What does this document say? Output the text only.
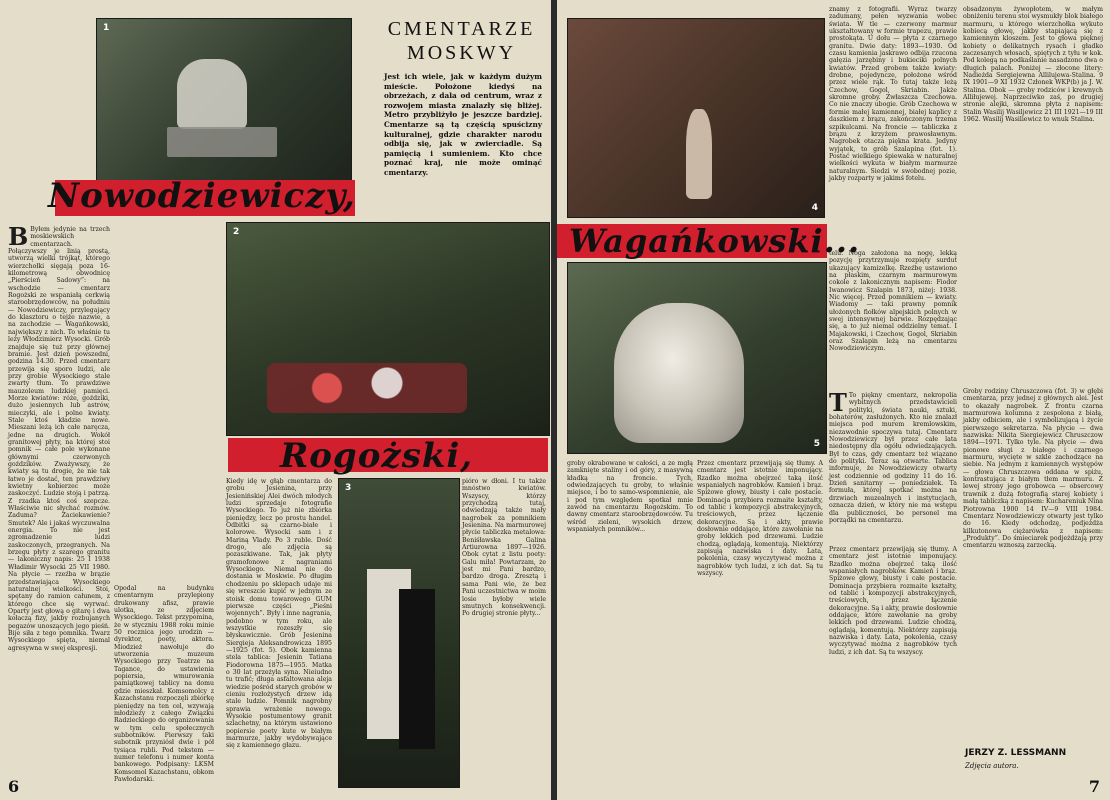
1	CMENTARZE
MOSKWY
Jest ich wiele, jak w każdym dużym mieście. Położone kiedyś na obrzeżach, z dala od centrum, wraz z rozwojem miasta znalazły się bliżej. Metro przybliżyło je jeszcze bardziej. Cmentarze są tą częścią spuścizny kulturalnej, gdzie charakter narodu odbija się, jak w zwierciadle. Są pamięcią i sumieniem. Kto chce poznać kraj, nie może ominąć cmentarzy.
Nowodziewiczy,
B Byłem jedynie na trzech moskiewskich cmentarzach. Połączywszy je linią prostą, utworzą wielki trójkąt, którego wierzchołki sięgają poza 16-kilometrową obwodnicę „Pierścień Sadowy”: na wschodzie — cmentarz Rogożski ze wspaniałą cerkwią staroobrzędowców, na południu — Nowodziewiczy, przylegający do klasztoru o tejże nazwie, a na zachodzie — Wagańkowski, największy z nich. To właśnie tu leży Włodzimierz Wysocki. Grób znajduje się tuż przy głównej bramie. Jest dzień powszedni, godzina 14.30. Przed cmentarz przewija się sporo ludzi, ale przy grobie Wysockiego stale zwarty tłum. To prawdziwe mauzoleum ludzkiej pamięci. Morze kwiatów: róże, goździki, dużo jesiennych lub astrów, mieczyki, ale i polne kwiaty. Stale ktoś kładzie nowe. Mieszani leżą ich całe naręcza, jedne na drugich. Wokół granitowej płyty, na której stoi pomnik — całe pole wykonane głównymi czerwonych goździków. Zważywszy, że kwiaty są tu drogie, że nie tak łatwo je dostać, ten prawdziwy kwietny kobierzec może zaskoczyć. Ludzie stoją i patrzą. Z rzadka ktoś coś szepcze. Właściwie nic słychać rozmów. Zaduma? Zaciekawienie? Smutek? Ale i jakaś wyczuwalna energia. To nie jest zgromadzenie ludzi zaskoczonych, przegranych. Na brzegu płyty z szarego granitu — lakoniczny napis: 25 I 1938 Władimir Wysocki 25 VII 1980. Na płycie — rzeźba w brązie przedstawiająca Wysockiego naturalnej wielkości. Stoi, spętany do ramion całunem, z którego chce się wyrwać. Oparty jest głową o gitarę i dwa kołaczą fizy, jakby rozbujanych pegazów unoszących jego pieśń. Bije siła z tego pomnika. Twarz Wysockiego spięta, niemal agresywna w swej ekspresji.
Opodal na budynku cmentarnym przylepiony drukowany afisz, prawie ulotka, ze zdjęciem Wysockiego. Tekst przypomina, że w styczniu 1988 roku minie 50 rocznica jego urodzin — dyrektor, poety, aktora. Miodzież nawołuje do utworzenia muzeum Wysockiego przy Teatrze na Tagance, do ustawienia popiersia, wmurowania pamiątkowej tablicy na domu gdzie mieszkał. Komsomolcy z Kazachstanu rozpoczęli zbiórkę pieniędzy na ten cel, wzywają młodzieży z całego Związku Radzieckiego do organizowania w tym celu społecznych subbotników. Pierwszy taki subotnik przyniósł dwie i pół tysiąca rubli. Pod tekstem — numer telefonu i numer konta bankowego. Podpisany: LKSM Komsomol Kazachstanu, obkom Pawłodarski.
2
Rogożski,
Kiedy idę w głąb cmentarza do grobu Jesienina, przy Jesienińskiej Alei dwóch młodych ludzi sprzedaje fotografie Wysockiego. To już nie zbiórka pieniędzy, lecz po prostu handel. Odbitki są czarno-białe i kolorowe. Wysocki sam i z Mariną Vlady. Po 3 ruble. Dość drogo, ale zdjęcia są pozaszkiwane. Tak, jak płyty gramofonowe z nagraniami Wysockiego. Niemal nie do dostania w Moskwie. Po długim chodzeniu po sklepach udaje mi się wreszcie kupić w jednym ze stoisk domu towarowego GUM pierwsze części „Pieśni wojennych”. Były i inne nagrania, podobno w tym roku, ale wszystkie rozeszły się błyskawicznie. Grób Jesienina Siergieja Aleksandrowicza 1895—1925 (fot. 5). Obok kamienna stela tablica: Jesienin Tatiana Fiodorowna 1875—1955. Matka o 30 lat przeżyła syna. Nieiudno tu trafić; długa asfaltowana aleja wiedzie pośród starych grobów w cieniu rozłożystych drzew idą stale ludzie. Pomnik nagrobny sprawia wrażenie nowego. Wysokie postumentowy granit szlachetny, na którym ustawiono popiersie poety kute w białym marmurze, jakby wydobywające się z kamiennego głazu.
3
pióro w dłoni. I tu także mnóstwo kwiatów. Wszyscy, którzy przychodzą tutaj, odwiedzają także mały nagrobek za pomnikiem Jesienina. Na marmurowej płycie tabliczka metalowa: Beniśławska Galina Artiurowna 1897—1926. Obok cytat z listu poety: Galu miła! Powtarzam, że jest mi Pani bardzo, bardzo droga. Zresztą i sama Pani wie, że bez Pani uczestnictwa w moim losie byłoby wiele smutnych konsekwencji. Po drugiej stronie płyty...
6
4
znamy z fotografii. Wyraz twarzy zadumany, pełen wyzwania wobec świata. W tle — czerwony marmur ukształtowany w formie trapezu, prawie prostokąta. U dołu — płyta z czarnego granitu. Dwie daty: 1893—1930. Od czasu kamienia jaskrawo odbija rzucona gałęzia jarzębiny i bukieciki polnych kwiatów. Przed grobem także kwiaty: drobne, pojedyncze, położone wśród przez wiele rąk. To tutaj także leżą Czechow, Gogol, Skriabin. Jakże skromne groby. Zwłaszcza Czechowa. Co nie znaczy ubogie. Grób Czechowa w formie małej kamiennej, białej kaplicy z daszkiem z brązu, zakończonym trzema szpikulcami. Na froncie — tabliczka z brązu z krzyżem prawosławnym. Nagrobek otacza piękna krata. Jedyny wyjątek, to grób Szalapina (fot. 1). Postać wielkiego śpiewaka w naturalnej wielkości wykuta w białym marmurze naturalnym. Siedzi w swobodnej pozie, jakby rozparty w jakimś fotelu.
obsadzonym żywopłotem, w małym obniżeniu terenu stoi wysmukły blok białego marmuru, u którego wierzchołka wykuto kobiecą głowę, jakby stapiającą się z kamiennym kloszem. Jest to głowa pięknej kobiety o delikatnych rysach i gładko zaczesanych włosach, spiętych z tyłu w kok. Pod kolegą na podkaślanie nasadzono dwa o długich palach. Poniżej — złocone litery: Nadieżda Sergiejewna Allilujewa-Stalina. 9 IX 1901—9 XI 1932 Członek WKP(b) ja J. W. Stalina. Obok — groby rodziców i krewnych Alliłujewej. Naprzeciwko zaś, po drugiej stronie alejki, skromna płyta z napisem: Stalin Wasilij Wasiljewicz 21 III 1921—19 III 1962. Wasilij Wasiliewicz to wnuk Stalina.
Wagańkowski...
5
telu. Noga założona na nogę, lekką pozycję przytrzymuje rozpięty surdut ukazujący kamizelkę. Rzeźbę ustawiono na płaskim, czarnym marmurowym cokole z lakonicznym napisem: Fiodor Iwanowicz Szalapin 1873, niżej: 1938. Nic więcej. Przed pomnikiem — kwiaty. Wiadomy — taki prawny pomnik ułożonych fiołków alpejskich polnych w swej intensywnej barwie. Rozpędzając się, a to już niemal oddzielny temat. I Majakowski, i Czechow, Gogol, Skriabin oraz Szalapin leżą na cmentarzu Nowodziewiczym.
T To piękny cmentarz, nekropolia wybitnych przedstawicieli polityki, świata nauki, sztuki, bohaterów, zasłużonych. Kto nie znalazł miejsca pod murem kremlowskim, niezawodnie spoczywa tutaj. Cmentarz Nowodziewiczy był przez całe lata niedostępny dla ogółu odwiedzających. Był to czas, gdy cmentarz też wiązano do polityki. Teraz są otwarte. Tablica informuje, że Nowodziewiczy otwarty jest codziennie od godziny 11 do 16. Dzień sanitarny — poniedziałek. Ta formuła, której spotkać można na drzwiach muzealnych i instytucjach, oznacza dzień, w który nie ma wstępu dla publiczności, bo personel ma porządki na cmentarzu.
Przez cmentarz przewijają się tłumy. A cmentarz jest istotnie imponujący. Rzadko można obejrzeć taką ilość wspaniałych nagrobków. Kamień i brąz. Spiżowe głowy, biusty i całe postacie. Dominacja przybiera rozmaite kształty, od tablic i kompozycji abstrakcyjnych, treściowych, przez łączenie dekoracyjne. Są i akty, prawie dosłownie oddające, które zawołanie na groby lekkich pod drzewami. Ludzie chodzą, oglądają, komentują. Niektórzy zapisują nazwiska i daty. Lata, pokolenia, czasy wyczytywać można z nagrobków tych ludzi, z ich dat. Są tu wszyscy.
Groby rodziny Chruszczowa (fot. 3) w głębi cmentarza, przy jednej z głównych alei. Jest to okazały nagrobek. Z frontu czarna marmurowa kolumna z zespolona z białą, jakby odbiciem, ale i symbolizującą i życie pierwszego sekretarza. Na płycie — dwa nazwiska: Nikita Siergiejewicz Chruszczow 1894—1971. Tylko tyle. Na płycie — dwa pionowe sługi z białego i czarnego marmuru, wycięte w szkle zachodzące na siebie. Na jednym z kamiennych występów — głowa Chruszczowa oddana w spiżu, kontrastująca z białym tłem marmuru. Z lewej strony jego grobowca — obsercowy trawnik z dużą fotografią starej kobiety i małą tabliczką z napisem: Kuchareniuk Nina Piotrowna 1900 14 IV—9 VIII 1984. Cmentarz Nowodziewiczy otwarty jest tylko do 16. Kiedy odchodzę, podjeżdża kilkutonowa ciężarówka z napisem: „Produkty”. Do śmieciarek podjeżdżają przy cmentarzu wznoszą zarzecką.
groby okrabowane w całości, a ze mgłą zamknięte staliny i od góry, z masywną kładką na froncie. Tych, odwiedzających tu groby, to właśnie miejsce, i bo to samo-wspomnienie, ale i pod tym względem spotkał mnie zawód na cmentarzu Rogożskim. To dawny cmentarz staroobrzędowców. Tu wśród zieleni, wysokich drzew, wspaniałych pomników...
Przez cmentarz przewijają się tłumy. A cmentarz jest istotnie imponujący. Rzadko można obejrzeć taką ilość wspaniałych nagrobków. Kamień i brąz. Spiżowe głowy, biusty i całe postacie. Dominacja przybiera rozmaite kształty, od tablic i kompozycji abstrakcyjnych, treściowych, przez łączenie dekoracyjne. Są i akty, prawie dosłownie oddające, które zawołanie na groby lekkich pod drzewami. Ludzie chodzą, oglądają, komentują. Niektórzy zapisują nazwiska i daty. Lata, pokolenia, czasy wyczytywać można z nagrobków tych ludzi, z ich dat. Są tu wszyscy.
JERZY Z. LESSMANN
Zdjęcia autora.
7
